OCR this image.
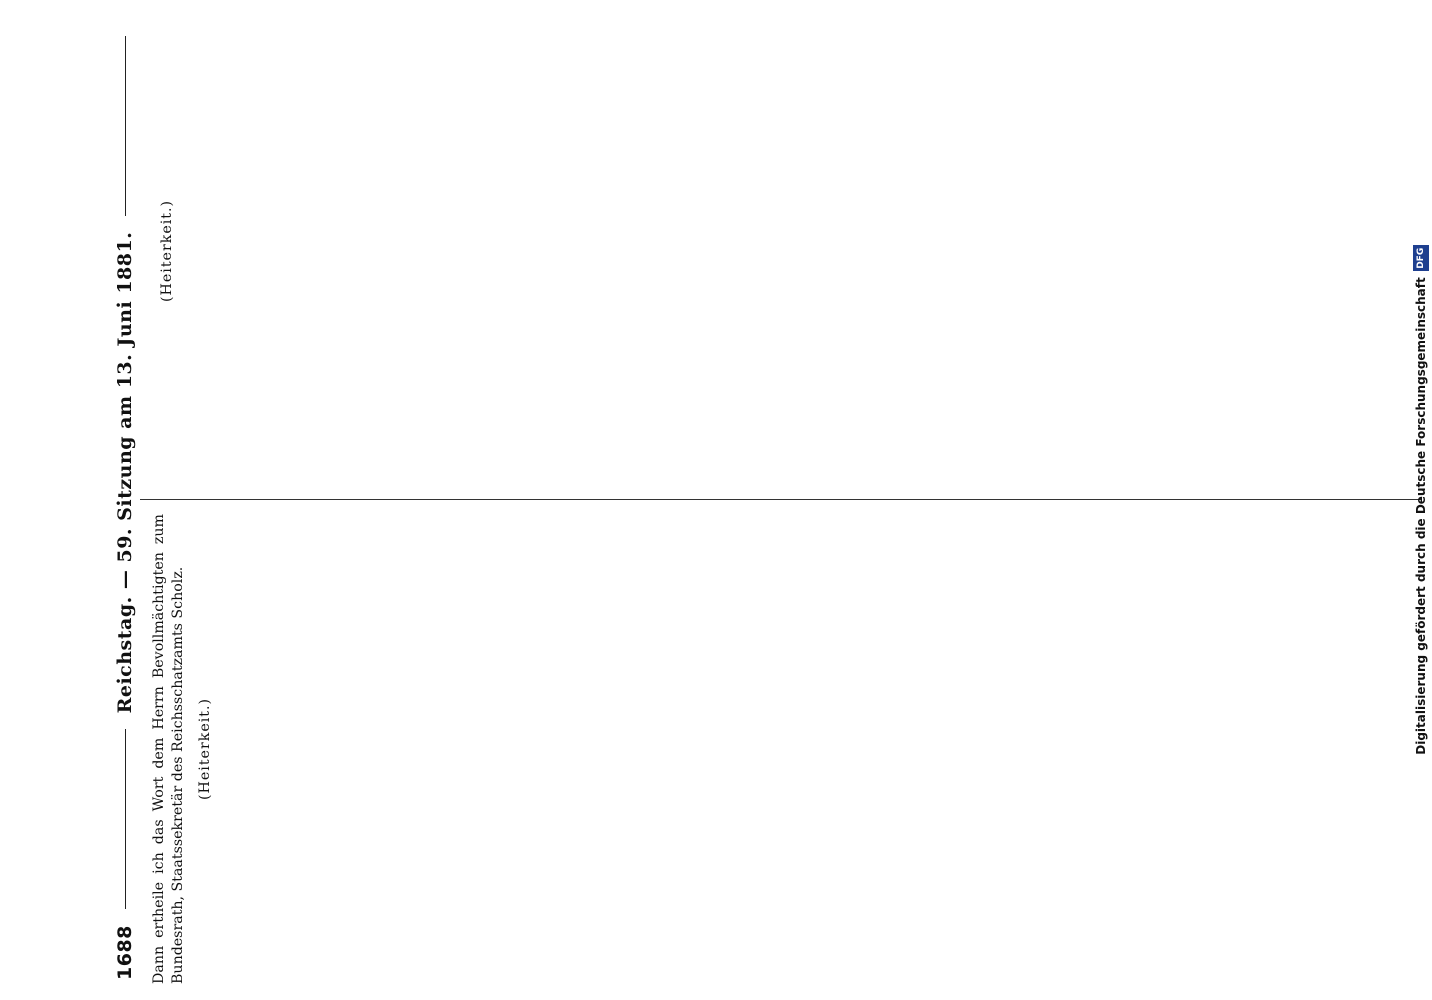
1688
Reichstag. — 59. Sitzung am 13. Juni 1881.

Dann ertheile ich das Wort dem Herrn Bevollmächtigten zum Bundesrath, Staatssekretär des Reichsschatzamts Scholz. (Heiterkeit.)

(Heiterkeit.)

Digitalisierung gefördert durch die Deutsche Forschungsgemeinschaft
DFG
